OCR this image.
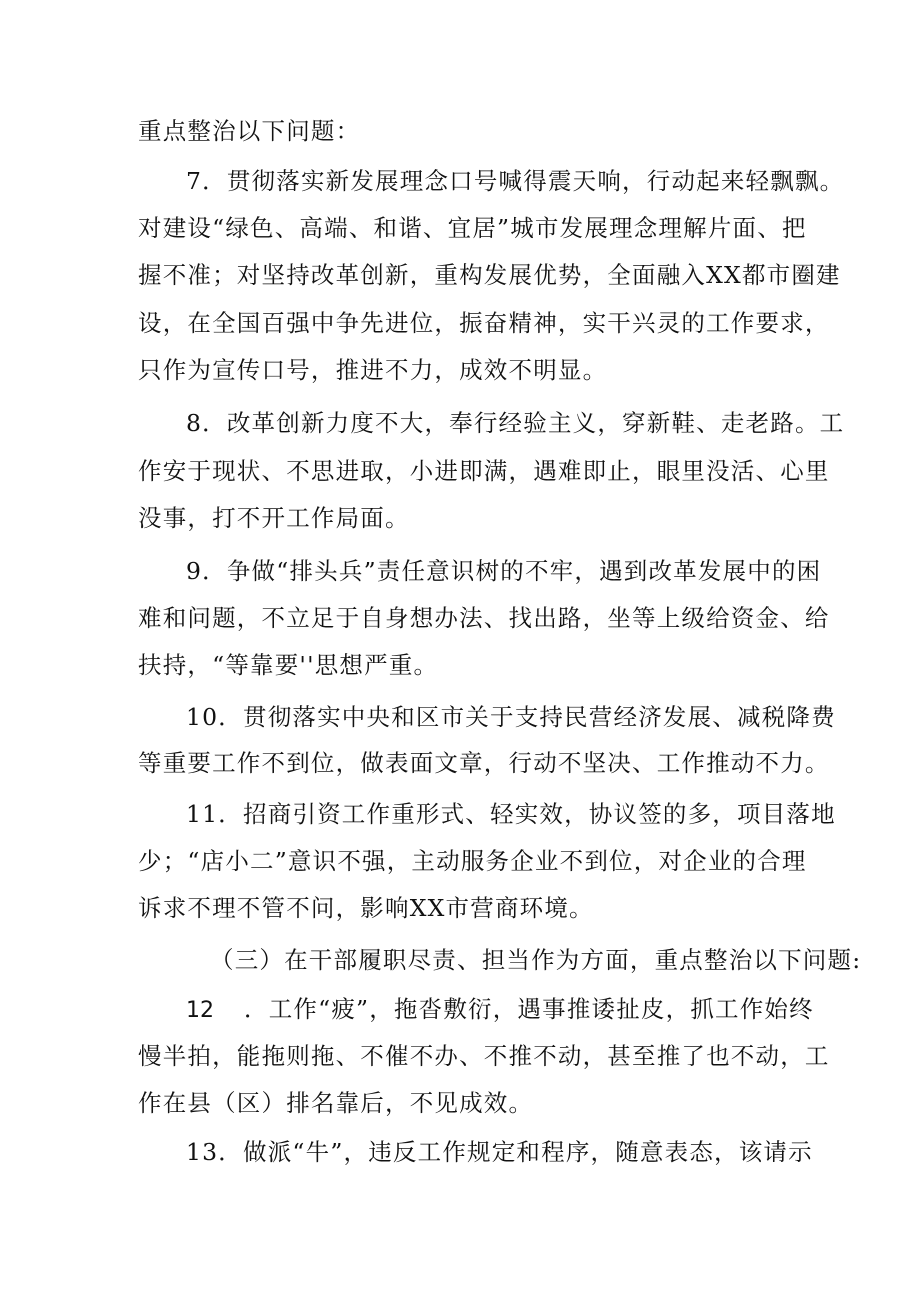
重点整治以下问题：
7．贯彻落实新发展理念口号喊得震天响，行动起来轻飘飘。
对建设“绿色、高端、和谐、宜居”城市发展理念理解片面、把
握不准；对坚持改革创新，重构发展优势，全面融入XX都市圈建
设，在全国百强中争先进位，振奋精神，实干兴灵的工作要求，
只作为宣传口号，推进不力，成效不明显。
8．改革创新力度不大，奉行经验主义，穿新鞋、走老路。工
作安于现状、不思进取，小进即满，遇难即止，眼里没活、心里
没事，打不开工作局面。
9．争做“排头兵”责任意识树的不牢，遇到改革发展中的困
难和问题，不立足于自身想办法、找出路，坐等上级给资金、给
扶持，“等靠要''思想严重。
10．贯彻落实中央和区市关于支持民营经济发展、减税降费
等重要工作不到位，做表面文章，行动不坚决、工作推动不力。
11．招商引资工作重形式、轻实效，协议签的多，项目落地
少；“店小二”意识不强，主动服务企业不到位，对企业的合理
诉求不理不管不问，影响XX市营商环境。
（三）在干部履职尽责、担当作为方面，重点整治以下问题:
12 ．工作“疲”，拖沓敷衍，遇事推诿扯皮，抓工作始终
慢半拍，能拖则拖、不催不办、不推不动，甚至推了也不动，工
作在县（区）排名靠后，不见成效。
13．做派“牛”，违反工作规定和程序，随意表态，该请示
